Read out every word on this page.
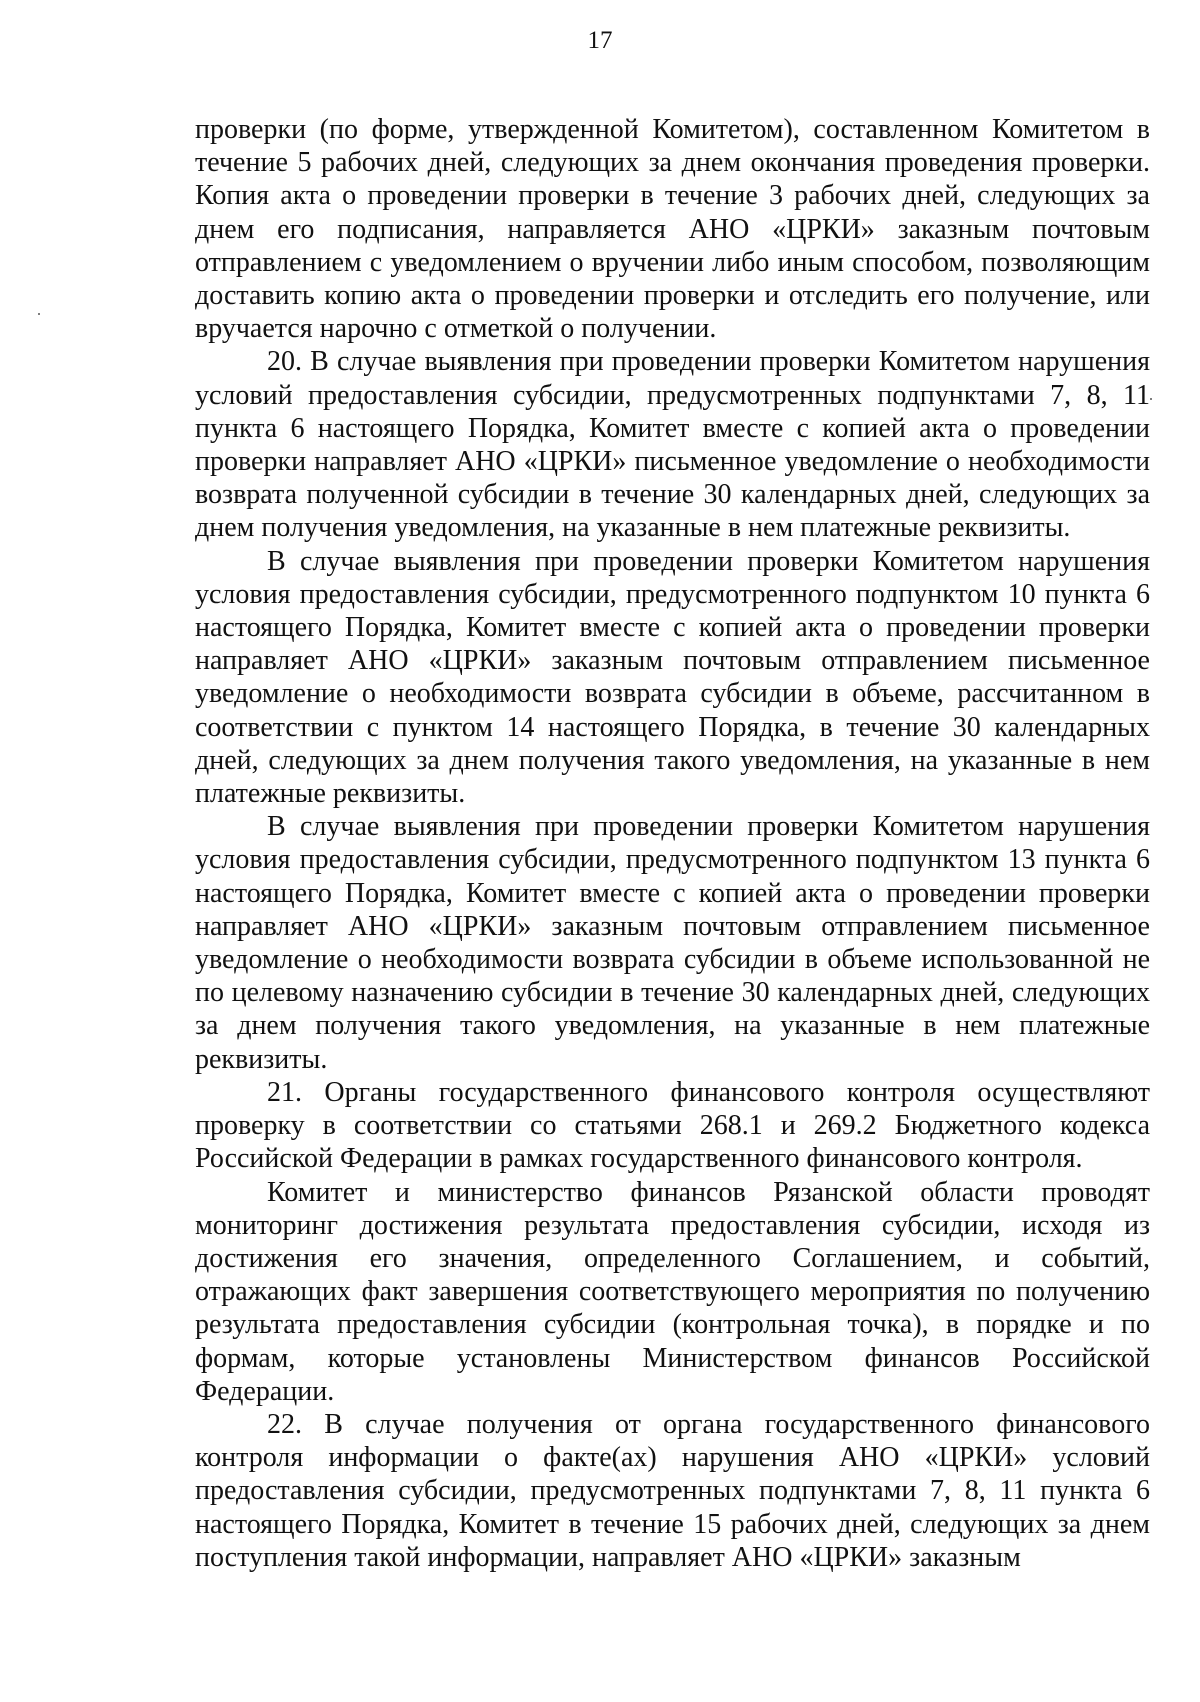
17

проверки (по форме, утвержденной Комитетом), составленном Комитетом в течение 5 рабочих дней, следующих за днем окончания проведения проверки. Копия акта о проведении проверки в течение 3 рабочих дней, следующих за днем его подписания, направляется АНО «ЦРКИ» заказным почтовым отправлением с уведомлением о вручении либо иным способом, позволяющим доставить копию акта о проведении проверки и отследить его получение, или вручается нарочно с отметкой о получении.

20. В случае выявления при проведении проверки Комитетом нарушения условий предоставления субсидии, предусмотренных подпунктами 7, 8, 11 пункта 6 настоящего Порядка, Комитет вместе с копией акта о проведении проверки направляет АНО «ЦРКИ» письменное уведомление о необходимости возврата полученной субсидии в течение 30 календарных дней, следующих за днем получения уведомления, на указанные в нем платежные реквизиты.

В случае выявления при проведении проверки Комитетом нарушения условия предоставления субсидии, предусмотренного подпунктом 10 пункта 6 настоящего Порядка, Комитет вместе с копией акта о проведении проверки направляет АНО «ЦРКИ» заказным почтовым отправлением письменное уведомление о необходимости возврата субсидии в объеме, рассчитанном в соответствии с пунктом 14 настоящего Порядка, в течение 30 календарных дней, следующих за днем получения такого уведомления, на указанные в нем платежные реквизиты.

В случае выявления при проведении проверки Комитетом нарушения условия предоставления субсидии, предусмотренного подпунктом 13 пункта 6 настоящего Порядка, Комитет вместе с копией акта о проведении проверки направляет АНО «ЦРКИ» заказным почтовым отправлением письменное уведомление о необходимости возврата субсидии в объеме использованной не по целевому назначению субсидии в течение 30 календарных дней, следующих за днем получения такого уведомления, на указанные в нем платежные реквизиты.

21. Органы государственного финансового контроля осуществляют проверку в соответствии со статьями 268.1 и 269.2 Бюджетного кодекса Российской Федерации в рамках государственного финансового контроля.

Комитет и министерство финансов Рязанской области проводят мониторинг достижения результата предоставления субсидии, исходя из достижения его значения, определенного Соглашением, и событий, отражающих факт завершения соответствующего мероприятия по получению результата предоставления субсидии (контрольная точка), в порядке и по формам, которые установлены Министерством финансов Российской Федерации.

22. В случае получения от органа государственного финансового контроля информации о факте(ах) нарушения АНО «ЦРКИ» условий предоставления субсидии, предусмотренных подпунктами 7, 8, 11 пункта 6 настоящего Порядка, Комитет в течение 15 рабочих дней, следующих за днем поступления такой информации, направляет АНО «ЦРКИ» заказным
